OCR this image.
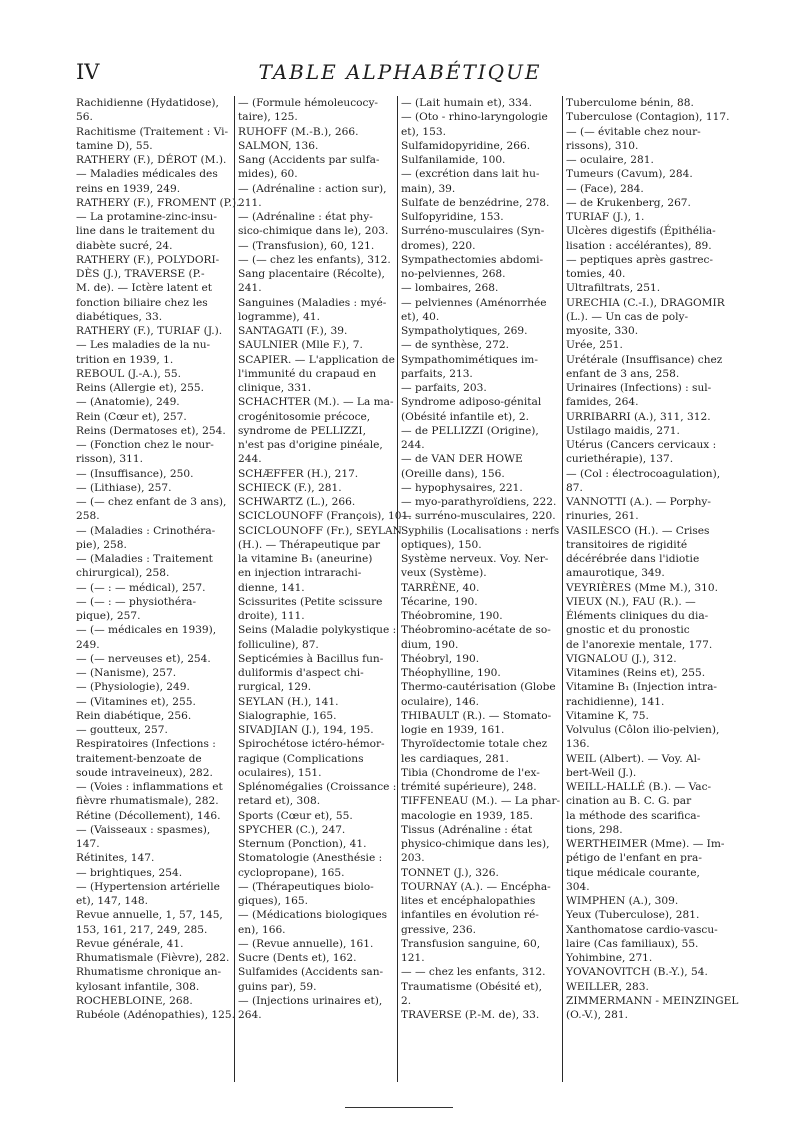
IV	TABLE ALPHABÉTIQUE
Rachidienne (Hydatidose),
56.
Rachitisme (Traitement : Vi-
tamine D), 55.
RATHERY (F.), DÉROT (M.).
— Maladies médicales des
reins en 1939, 249.
RATHERY (F.), FROMENT (P.).
— La protamine-zinc-insu-
line dans le traitement du
diabète sucré, 24.
RATHERY (F.), POLYDORI-
DÈS (J.), TRAVERSE (P.-
M. de). — Ictère latent et
fonction biliaire chez les
diabétiques, 33.
RATHERY (F.), TURIAF (J.).
— Les maladies de la nu-
trition en 1939, 1.
REBOUL (J.-A.), 55.
Reins (Allergie et), 255.
— (Anatomie), 249.
Rein (Cœur et), 257.
Reins (Dermatoses et), 254.
— (Fonction chez le nour-
risson), 311.
— (Insuffisance), 250.
— (Lithiase), 257.
— (— chez enfant de 3 ans),
258.
— (Maladies : Crinothéra-
pie), 258.
— (Maladies : Traitement
chirurgical), 258.
— (— : — médical), 257.
— (— : — physiothéra-
pique), 257.
— (— médicales en 1939),
249.
— (— nerveuses et), 254.
— (Nanisme), 257.
— (Physiologie), 249.
— (Vitamines et), 255.
Rein diabétique, 256.
— goutteux, 257.
Respiratoires (Infections :
traitement-benzoate de
soude intraveineux), 282.
— (Voies : inflammations et
fièvre rhumatismale), 282.
Rétine (Décollement), 146.
— (Vaisseaux : spasmes),
147.
Rétinites, 147.
— brightiques, 254.
— (Hypertension artérielle
et), 147, 148.
Revue annuelle, 1, 57, 145,
153, 161, 217, 249, 285.
Revue générale, 41.
Rhumatismale (Fièvre), 282.
Rhumatisme chronique an-
kylosant infantile, 308.
ROCHEBLOINE, 268.
Rubéole (Adénopathies), 125.
— (Formule hémoleucocy-
taire), 125.
RUHOFF (M.-B.), 266.
SALMON, 136.
Sang (Accidents par sulfa-
mides), 60.
— (Adrénaline : action sur),
211.
— (Adrénaline : état phy-
sico-chimique dans le), 203.
— (Transfusion), 60, 121.
— (— chez les enfants), 312.
Sang placentaire (Récolte),
241.
Sanguines (Maladies : myé-
logramme), 41.
SANTAGATI (F.), 39.
SAULNIER (Mlle F.), 7.
SCAPIER. — L'application de
l'immunité du crapaud en
clinique, 331.
SCHACHTER (M.). — La ma-
crogénitosomie précoce,
syndrome de PELLIZZI,
n'est pas d'origine pinéale,
244.
SCHÆFFER (H.), 217.
SCHIECK (F.), 281.
SCHWARTZ (L.), 266.
SCICLOUNOFF (François), 101.
SCICLOUNOFF (Fr.), SEYLAN
(H.). — Thérapeutique par
la vitamine B₁ (aneurine)
en injection intrarachi-
dienne, 141.
Scissurites (Petite scissure
droite), 111.
Seins (Maladie polykystique :
folliculine), 87.
Septicémies à Bacillus fun-
duliformis d'aspect chi-
rurgical, 129.
SEYLAN (H.), 141.
Sialographie, 165.
SIVADJIAN (J.), 194, 195.
Spirochétose ictéro-hémor-
ragique (Complications
oculaires), 151.
Splénomégalies (Croissance :
retard et), 308.
Sports (Cœur et), 55.
SPYCHER (C.), 247.
Sternum (Ponction), 41.
Stomatologie (Anesthésie :
cyclopropane), 165.
— (Thérapeutiques biolo-
giques), 165.
— (Médications biologiques
en), 166.
— (Revue annuelle), 161.
Sucre (Dents et), 162.
Sulfamides (Accidents san-
guins par), 59.
— (Injections urinaires et),
264.
— (Lait humain et), 334.
— (Oto - rhino-laryngologie
et), 153.
Sulfamidopyridine, 266.
Sulfanilamide, 100.
— (excrétion dans lait hu-
main), 39.
Sulfate de benzédrine, 278.
Sulfopyridine, 153.
Surréno-musculaires (Syn-
dromes), 220.
Sympathectomies abdomi-
no-pelviennes, 268.
— lombaires, 268.
— pelviennes (Aménorrhée
et), 40.
Sympatholytiques, 269.
— de synthèse, 272.
Sympathomimétiques im-
parfaits, 213.
— parfaits, 203.
Syndrome adiposo-génital
(Obésité infantile et), 2.
— de PELLIZZI (Origine),
244.
— de VAN DER HOWE
(Oreille dans), 156.
— hypophysaires, 221.
— myo-parathyroïdiens, 222.
— surréno-musculaires, 220.
Syphilis (Localisations : nerfs
optiques), 150.
Système nerveux. Voy. Ner-
veux (Système).
TARRÈNE, 40.
Técarine, 190.
Théobromine, 190.
Théobromino-acétate de so-
dium, 190.
Théobryl, 190.
Théophylline, 190.
Thermo-cautérisation (Globe
oculaire), 146.
THIBAULT (R.). — Stomato-
logie en 1939, 161.
Thyroïdectomie totale chez
les cardiaques, 281.
Tibia (Chondrome de l'ex-
trémité supérieure), 248.
TIFFENEAU (M.). — La phar-
macologie en 1939, 185.
Tissus (Adrénaline : état
physico-chimique dans les),
203.
TONNET (J.), 326.
TOURNAY (A.). — Encépha-
lites et encéphalopathies
infantiles en évolution ré-
gressive, 236.
Transfusion sanguine, 60,
121.
— — chez les enfants, 312.
Traumatisme (Obésité et),
2.
TRAVERSE (P.-M. de), 33.
Tuberculome bénin, 88.
Tuberculose (Contagion), 117.
— (— évitable chez nour-
rissons), 310.
— oculaire, 281.
Tumeurs (Cavum), 284.
— (Face), 284.
— de Krukenberg, 267.
TURIAF (J.), 1.
Ulcères digestifs (Épithélia-
lisation : accélérantes), 89.
— peptiques après gastrec-
tomies, 40.
Ultrafiltrats, 251.
URECHIA (C.-I.), DRAGOMIR
(L.). — Un cas de poly-
myosite, 330.
Urée, 251.
Urétérale (Insuffisance) chez
enfant de 3 ans, 258.
Urinaires (Infections) : sul-
famides, 264.
URRIBARRI (A.), 311, 312.
Ustilago maidis, 271.
Utérus (Cancers cervicaux :
curiethérapie), 137.
— (Col : électrocoagulation),
87.
VANNOTTI (A.). — Porphy-
rinuries, 261.
VASILESCO (H.). — Crises
transitoires de rigidité
décérébrée dans l'idiotie
amaurotique, 349.
VEYRIÈRES (Mme M.), 310.
VIEUX (N.), FAU (R.). —
Éléments cliniques du dia-
gnostic et du pronostic
de l'anorexie mentale, 177.
VIGNALOU (J.), 312.
Vitamines (Reins et), 255.
Vitamine B₁ (Injection intra-
rachidienne), 141.
Vitamine K, 75.
Volvulus (Côlon ilio-pelvien),
136.
WEIL (Albert). — Voy. Al-
bert-Weil (J.).
WEILL-HALLÉ (B.). — Vac-
cination au B. C. G. par
la méthode des scarifica-
tions, 298.
WERTHEIMER (Mme). — Im-
pétigo de l'enfant en pra-
tique médicale courante,
304.
WIMPHEN (A.), 309.
Yeux (Tuberculose), 281.
Xanthomatose cardio-vascu-
laire (Cas familiaux), 55.
Yohimbine, 271.
YOVANOVITCH (B.-Y.), 54.
WEILLER, 283.
ZIMMERMANN - MEINZINGEL
(O.-V.), 281.
